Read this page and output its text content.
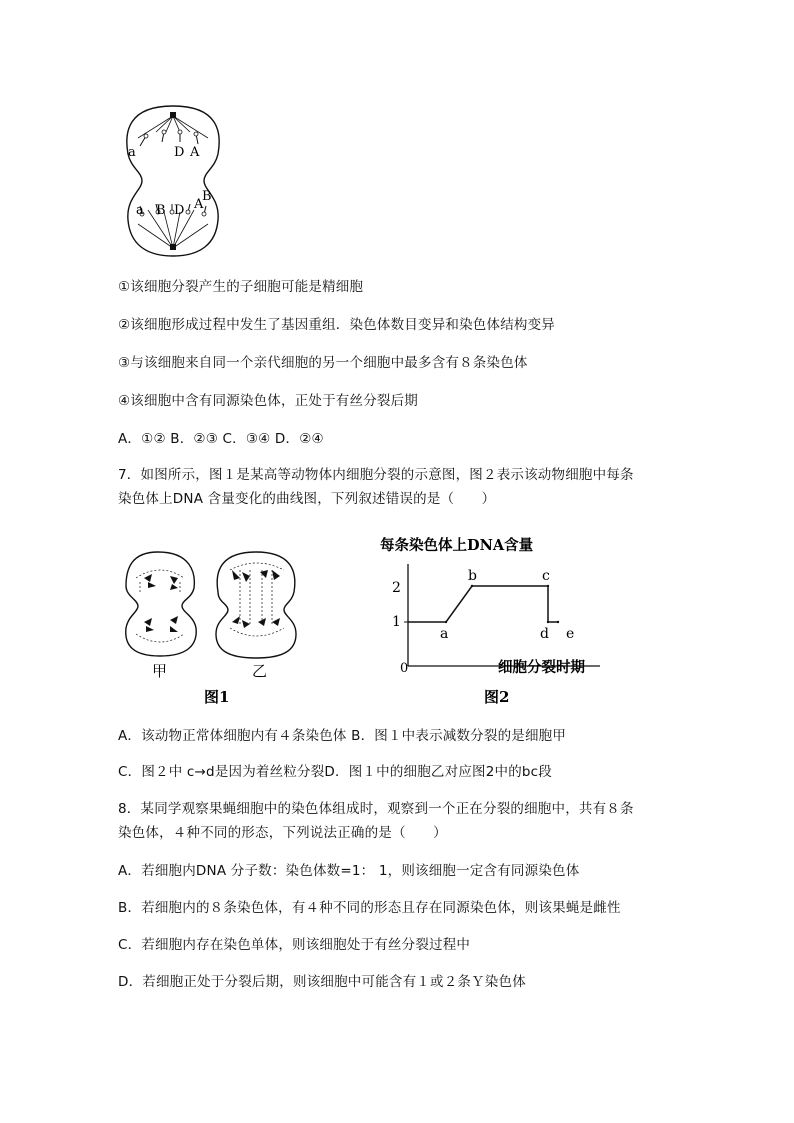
a	D A
a B D A
B
①该细胞分裂产生的子细胞可能是精细胞
②该细胞形成过程中发生了基因重组．染色体数目变异和染色体结构变异
③与该细胞来自同一个亲代细胞的另一个细胞中最多含有８条染色体
④该细胞中含有同源染色体，正处于有丝分裂后期
A．①② B．②③ C．③④ D．②④
7．如图所示，图１是某高等动物体内细胞分裂的示意图，图２表示该动物细胞中每条
染色体上DNA 含量变化的曲线图，下列叙述错误的是（　　）
甲	乙
图1
每条染色体上DNA含量
0
1
2
a
b	c
d e
细胞分裂时期
图2
A．该动物正常体细胞内有４条染色体 B．图１中表示减数分裂的是细胞甲
C．图２中 c→d是因为着丝粒分裂D．图１中的细胞乙对应图2中的bc段
8．某同学观察果蝇细胞中的染色体组成时，观察到一个正在分裂的细胞中，共有８条
染色体，４种不同的形态，下列说法正确的是（　　）
A．若细胞内DNA 分子数：染色体数=1： 1，则该细胞一定含有同源染色体
B．若细胞内的８条染色体，有４种不同的形态且存在同源染色体，则该果蝇是雌性
C．若细胞内存在染色单体，则该细胞处于有丝分裂过程中
D．若细胞正处于分裂后期，则该细胞中可能含有１或２条Ｙ染色体
